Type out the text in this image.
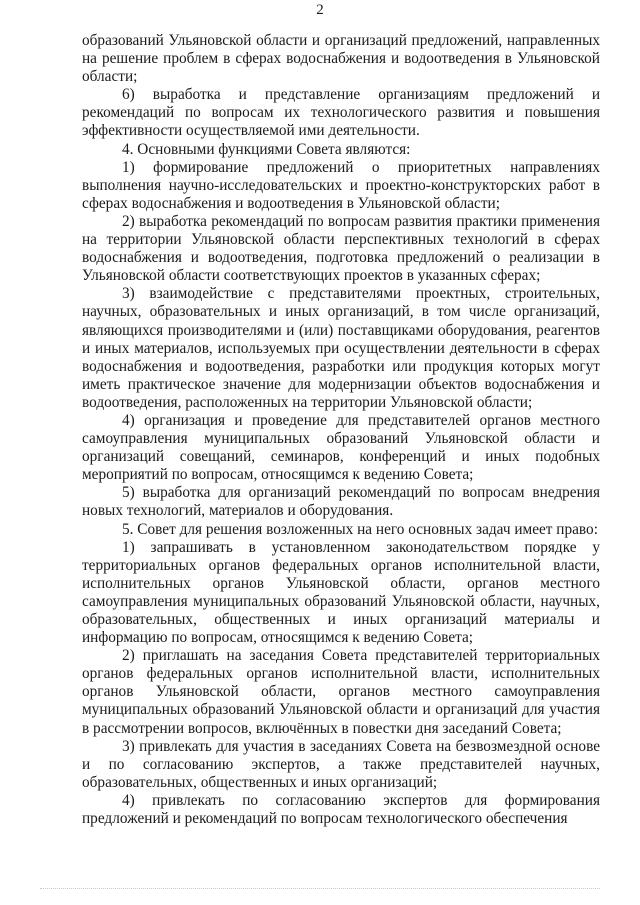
2

образований Ульяновской области и организаций предложений, направленных на решение проблем в сферах водоснабжения и водоотведения в Ульяновской области;

6) выработка и представление организациям предложений и рекомендаций по вопросам их технологического развития и повышения эффективности осуществляемой ими деятельности.

4. Основными функциями Совета являются:

1) формирование предложений о приоритетных направлениях выполнения научно-исследовательских и проектно-конструкторских работ в сферах водоснабжения и водоотведения в Ульяновской области;

2) выработка рекомендаций по вопросам развития практики применения на территории Ульяновской области перспективных технологий в сферах водоснабжения и водоотведения, подготовка предложений о реализации в Ульяновской области соответствующих проектов в указанных сферах;

3) взаимодействие с представителями проектных, строительных, научных, образовательных и иных организаций, в том числе организаций, являющихся производителями и (или) поставщиками оборудования, реагентов и иных материалов, используемых при осуществлении деятельности в сферах водоснабжения и водоотведения, разработки или продукция которых могут иметь практическое значение для модернизации объектов водоснабжения и водоотведения, расположенных на территории Ульяновской области;

4) организация и проведение для представителей органов местного самоуправления муниципальных образований Ульяновской области и организаций совещаний, семинаров, конференций и иных подобных мероприятий по вопросам, относящимся к ведению Совета;

5) выработка для организаций рекомендаций по вопросам внедрения новых технологий, материалов и оборудования.

5. Совет для решения возложенных на него основных задач имеет право:

1) запрашивать в установленном законодательством порядке у территориальных органов федеральных органов исполнительной власти, исполнительных органов Ульяновской области, органов местного самоуправления муниципальных образований Ульяновской области, научных, образовательных, общественных и иных организаций материалы и информацию по вопросам, относящимся к ведению Совета;

2) приглашать на заседания Совета представителей территориальных органов федеральных органов исполнительной власти, исполнительных органов Ульяновской области, органов местного самоуправления муниципальных образований Ульяновской области и организаций для участия в рассмотрении вопросов, включённых в повестки дня заседаний Совета;

3) привлекать для участия в заседаниях Совета на безвозмездной основе и по согласованию экспертов, а также представителей научных, образовательных, общественных и иных организаций;

4) привлекать по согласованию экспертов для формирования предложений и рекомендаций по вопросам технологического обеспечения
